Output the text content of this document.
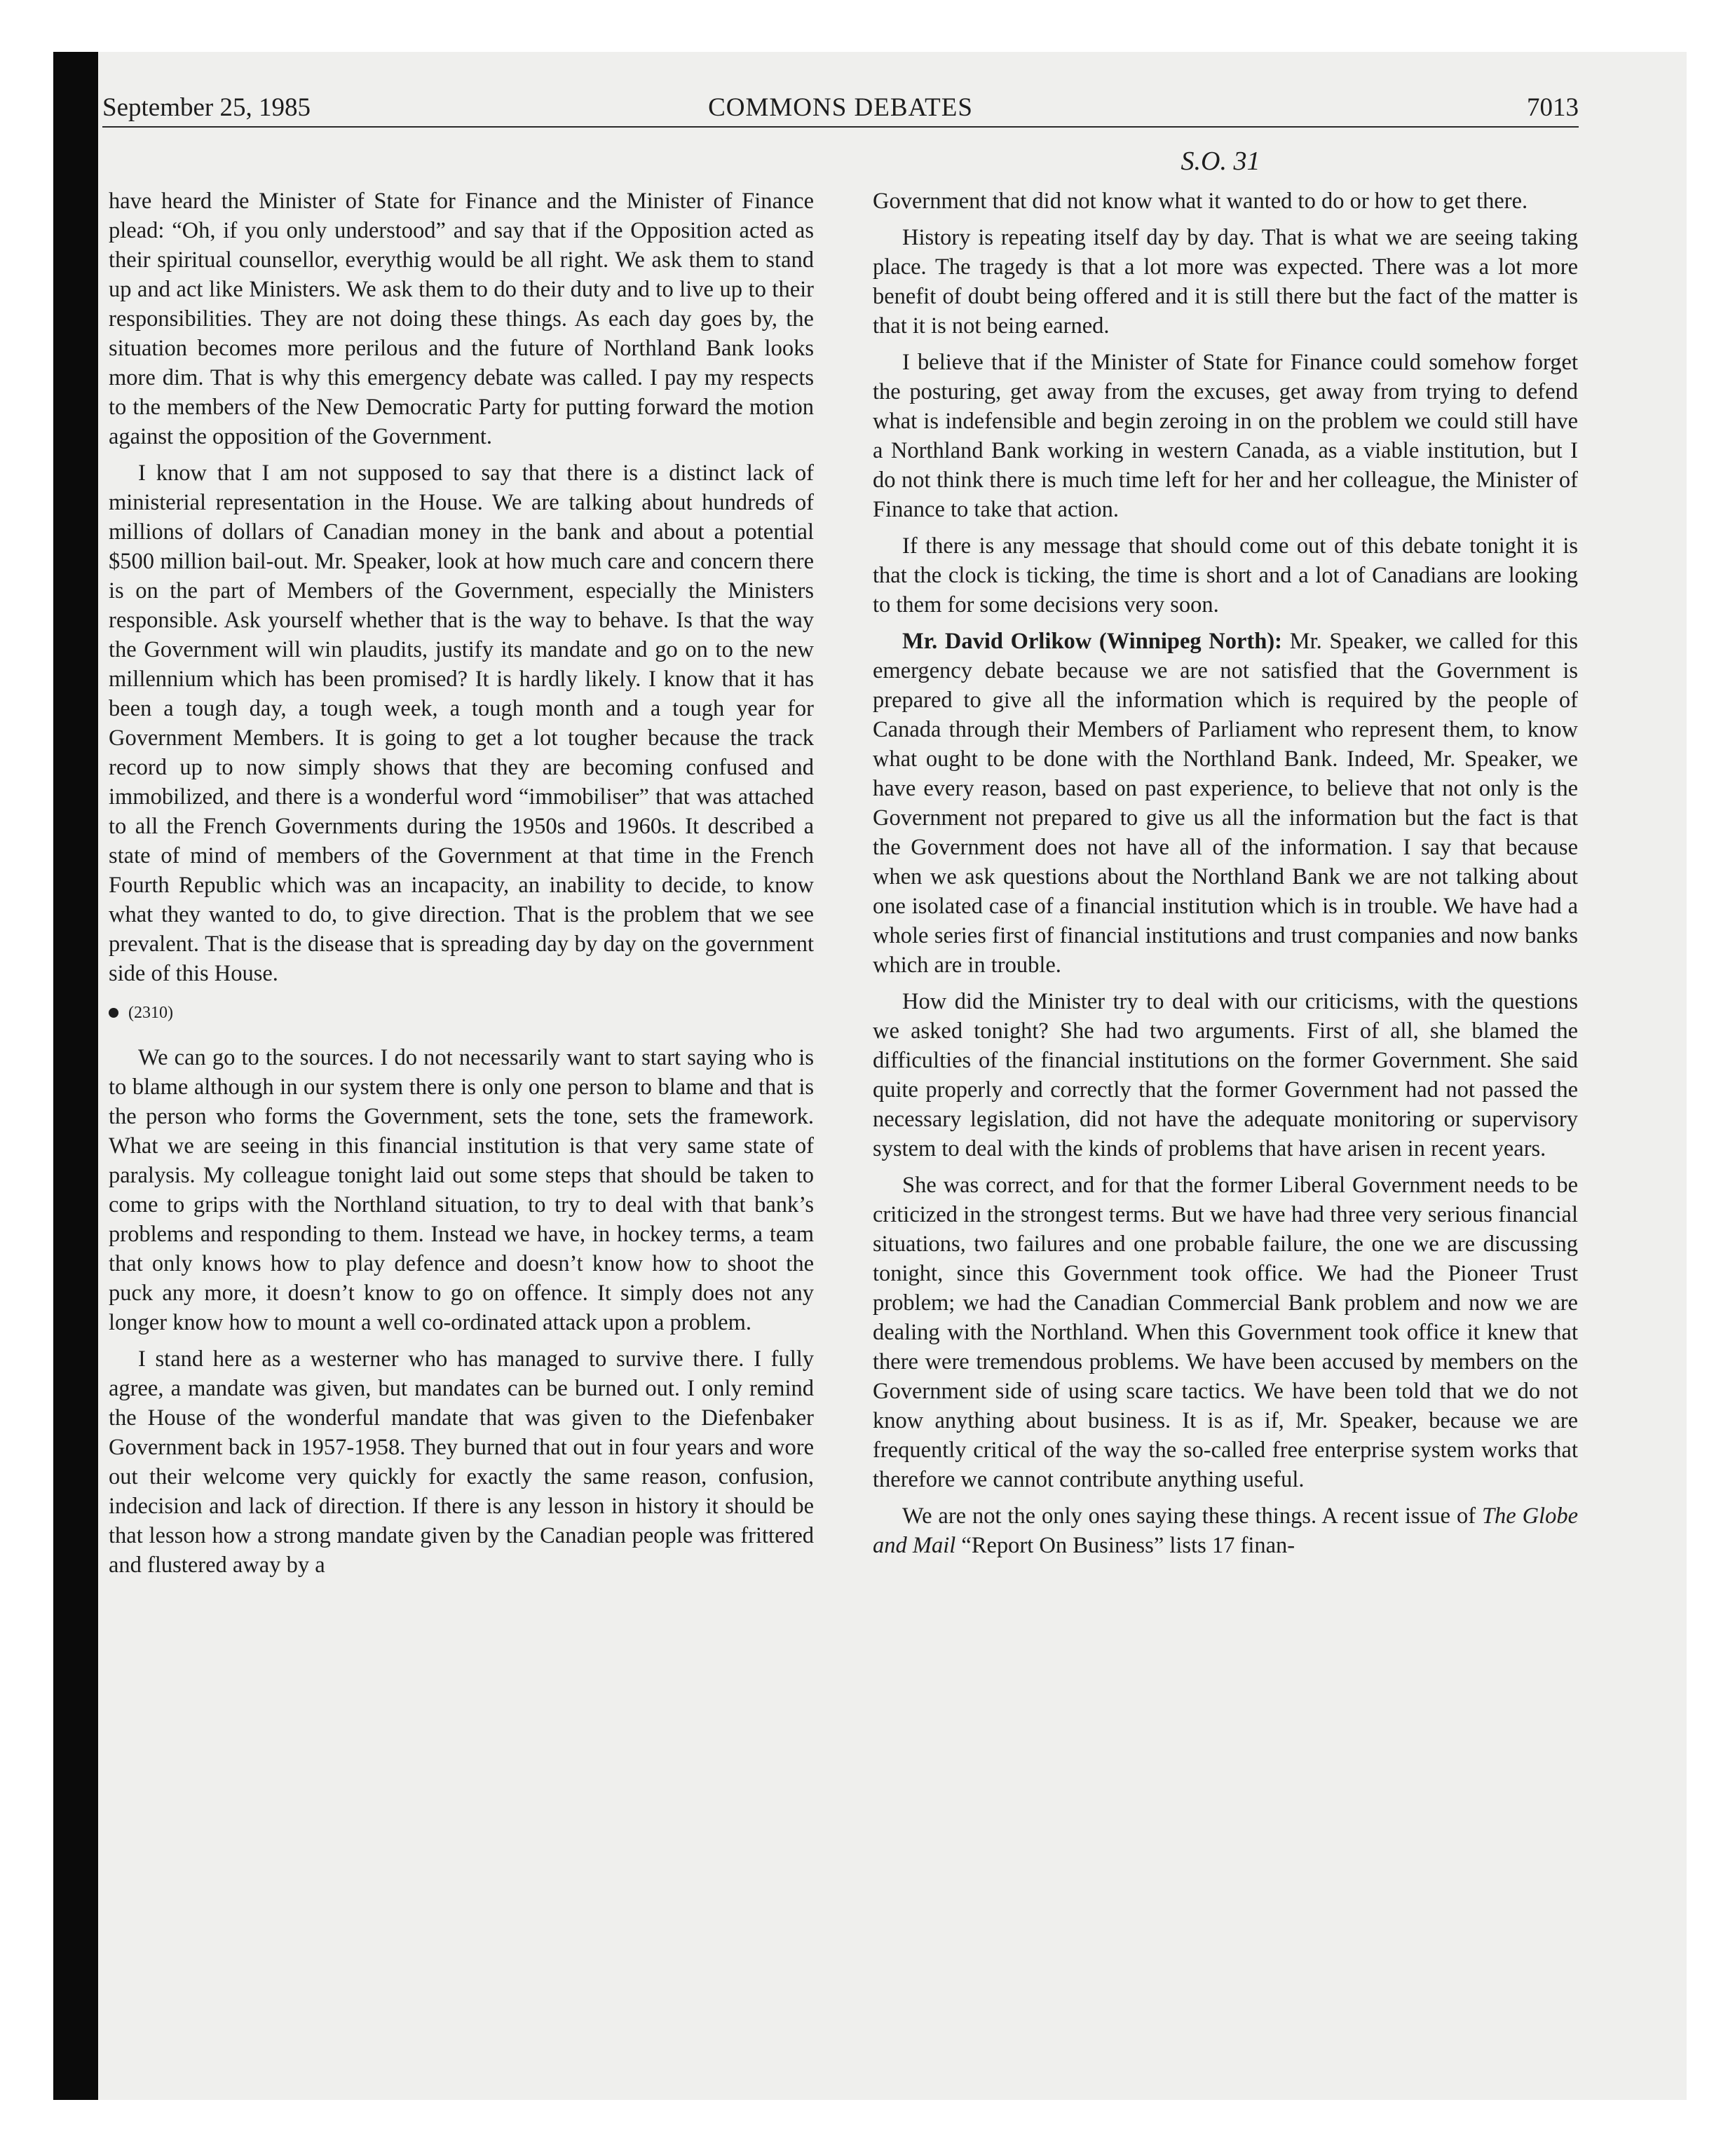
September 25, 1985	COMMONS DEBATES	7013
S.O. 31

have heard the Minister of State for Finance and the Minister of Finance plead: “Oh, if you only understood” and say that if the Opposition acted as their spiritual counsellor, everythig would be all right. We ask them to stand up and act like Ministers. We ask them to do their duty and to live up to their responsibilities. They are not doing these things. As each day goes by, the situation becomes more perilous and the future of Northland Bank looks more dim. That is why this emergency debate was called. I pay my respects to the members of the New Democratic Party for putting forward the motion against the opposition of the Government.

I know that I am not supposed to say that there is a distinct lack of ministerial representation in the House. We are talking about hundreds of millions of dollars of Canadian money in the bank and about a potential $500 million bail-out. Mr. Speaker, look at how much care and concern there is on the part of Members of the Government, especially the Ministers responsible. Ask yourself whether that is the way to behave. Is that the way the Government will win plaudits, justify its mandate and go on to the new millennium which has been promised? It is hardly likely. I know that it has been a tough day, a tough week, a tough month and a tough year for Government Members. It is going to get a lot tougher because the track record up to now simply shows that they are becoming confused and immobilized, and there is a wonderful word “immobiliser” that was attached to all the French Governments during the 1950s and 1960s. It described a state of mind of members of the Government at that time in the French Fourth Republic which was an incapacity, an inability to decide, to know what they wanted to do, to give direction. That is the problem that we see prevalent. That is the disease that is spreading day by day on the government side of this House.

(2310)

We can go to the sources. I do not necessarily want to start saying who is to blame although in our system there is only one person to blame and that is the person who forms the Government, sets the tone, sets the framework. What we are seeing in this financial institution is that very same state of paralysis. My colleague tonight laid out some steps that should be taken to come to grips with the Northland situation, to try to deal with that bank’s problems and responding to them. Instead we have, in hockey terms, a team that only knows how to play defence and doesn’t know how to shoot the puck any more, it doesn’t know to go on offence. It simply does not any longer know how to mount a well co-ordinated attack upon a problem.

I stand here as a westerner who has managed to survive there. I fully agree, a mandate was given, but mandates can be burned out. I only remind the House of the wonderful mandate that was given to the Diefenbaker Government back in 1957-1958. They burned that out in four years and wore out their welcome very quickly for exactly the same reason, confusion, indecision and lack of direction. If there is any lesson in history it should be that lesson how a strong mandate given by the Canadian people was frittered and flustered away by a

Government that did not know what it wanted to do or how to get there.

History is repeating itself day by day. That is what we are seeing taking place. The tragedy is that a lot more was expected. There was a lot more benefit of doubt being offered and it is still there but the fact of the matter is that it is not being earned.

I believe that if the Minister of State for Finance could somehow forget the posturing, get away from the excuses, get away from trying to defend what is indefensible and begin zeroing in on the problem we could still have a Northland Bank working in western Canada, as a viable institution, but I do not think there is much time left for her and her colleague, the Minister of Finance to take that action.

If there is any message that should come out of this debate tonight it is that the clock is ticking, the time is short and a lot of Canadians are looking to them for some decisions very soon.

Mr. David Orlikow (Winnipeg North): Mr. Speaker, we called for this emergency debate because we are not satisfied that the Government is prepared to give all the information which is required by the people of Canada through their Members of Parliament who represent them, to know what ought to be done with the Northland Bank. Indeed, Mr. Speaker, we have every reason, based on past experience, to believe that not only is the Government not prepared to give us all the information but the fact is that the Government does not have all of the information. I say that because when we ask questions about the Northland Bank we are not talking about one isolated case of a financial institution which is in trouble. We have had a whole series first of financial institutions and trust companies and now banks which are in trouble.

How did the Minister try to deal with our criticisms, with the questions we asked tonight? She had two arguments. First of all, she blamed the difficulties of the financial institutions on the former Government. She said quite properly and correctly that the former Government had not passed the necessary legislation, did not have the adequate monitoring or supervisory system to deal with the kinds of problems that have arisen in recent years.

She was correct, and for that the former Liberal Government needs to be criticized in the strongest terms. But we have had three very serious financial situations, two failures and one probable failure, the one we are discussing tonight, since this Government took office. We had the Pioneer Trust problem; we had the Canadian Commercial Bank problem and now we are dealing with the Northland. When this Government took office it knew that there were tremendous problems. We have been accused by members on the Government side of using scare tactics. We have been told that we do not know anything about business. It is as if, Mr. Speaker, because we are frequently critical of the way the so-called free enterprise system works that therefore we cannot contribute anything useful.

We are not the only ones saying these things. A recent issue of The Globe and Mail “Report On Business” lists 17 finan-
